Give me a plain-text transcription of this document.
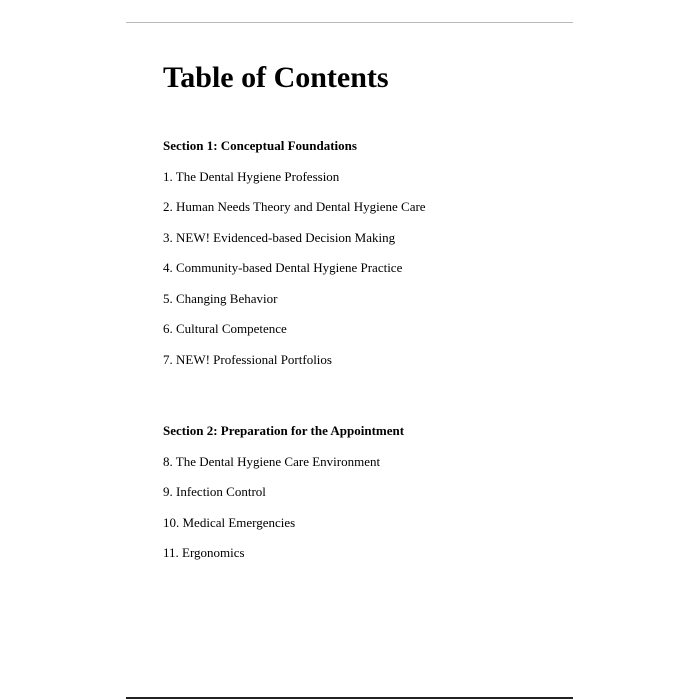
Table of Contents
Section 1: Conceptual Foundations
1. The Dental Hygiene Profession
2. Human Needs Theory and Dental Hygiene Care
3. NEW! Evidenced-based Decision Making
4. Community-based Dental Hygiene Practice
5. Changing Behavior
6. Cultural Competence
7. NEW! Professional Portfolios
Section 2: Preparation for the Appointment
8. The Dental Hygiene Care Environment
9. Infection Control
10. Medical Emergencies
11. Ergonomics
